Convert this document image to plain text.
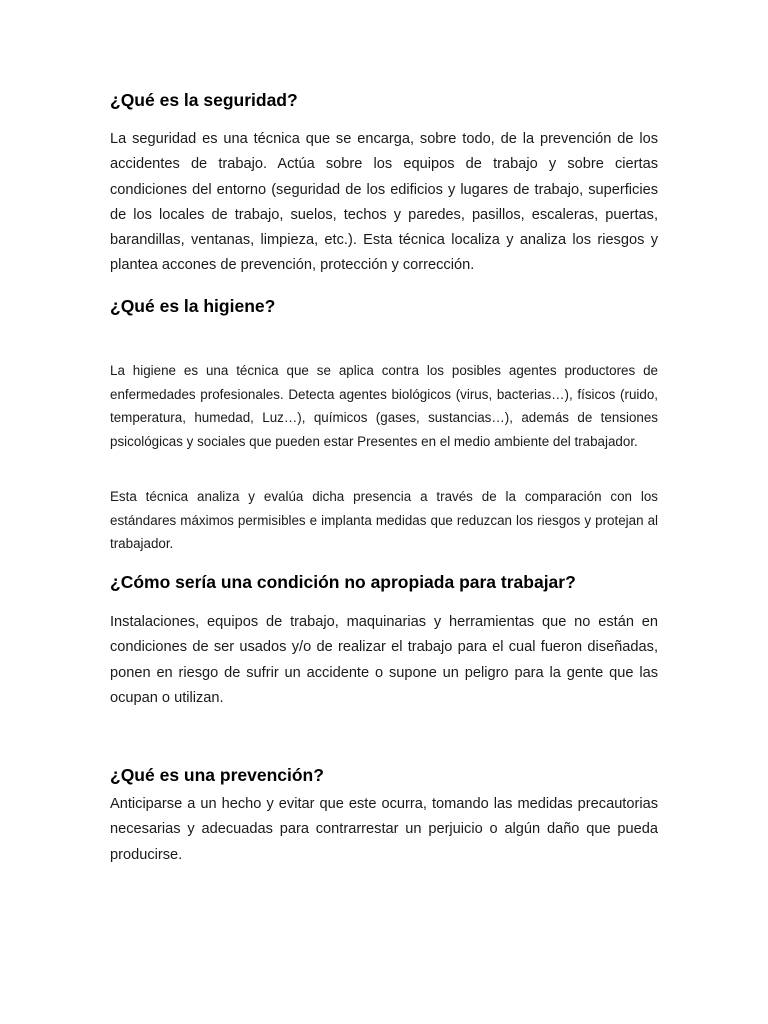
¿Qué es la seguridad?

La seguridad es una técnica que se encarga, sobre todo, de la prevención de los accidentes de trabajo. Actúa sobre los equipos de trabajo y sobre ciertas condiciones del entorno (seguridad de los edificios y lugares de trabajo, superficies de los locales de trabajo, suelos, techos y paredes, pasillos, escaleras, puertas, barandillas, ventanas, limpieza, etc.). Esta técnica localiza y analiza los riesgos y plantea accones de prevención, protección y corrección.

¿Qué es la higiene?

La higiene es una técnica que se aplica contra los posibles agentes productores de enfermedades profesionales. Detecta agentes biológicos (virus, bacterias…), físicos (ruido, temperatura, humedad, Luz…), químicos (gases, sustancias…), además de tensiones psicológicas y sociales que pueden estar Presentes en el medio ambiente del trabajador.

Esta técnica analiza y evalúa dicha presencia a través de la comparación con los estándares máximos permisibles e implanta medidas que reduzcan los riesgos y protejan al trabajador.

¿Cómo sería una condición no apropiada para trabajar?

Instalaciones, equipos de trabajo, maquinarias y herramientas que no están en condiciones de ser usados y/o de realizar el trabajo para el cual fueron diseñadas, ponen en riesgo de sufrir un accidente o supone un peligro para la gente que las ocupan o utilizan.

¿Qué es una prevención?

Anticiparse a un hecho y evitar que este ocurra, tomando las medidas precautorias necesarias y adecuadas para contrarrestar un perjuicio o algún daño que pueda producirse.
